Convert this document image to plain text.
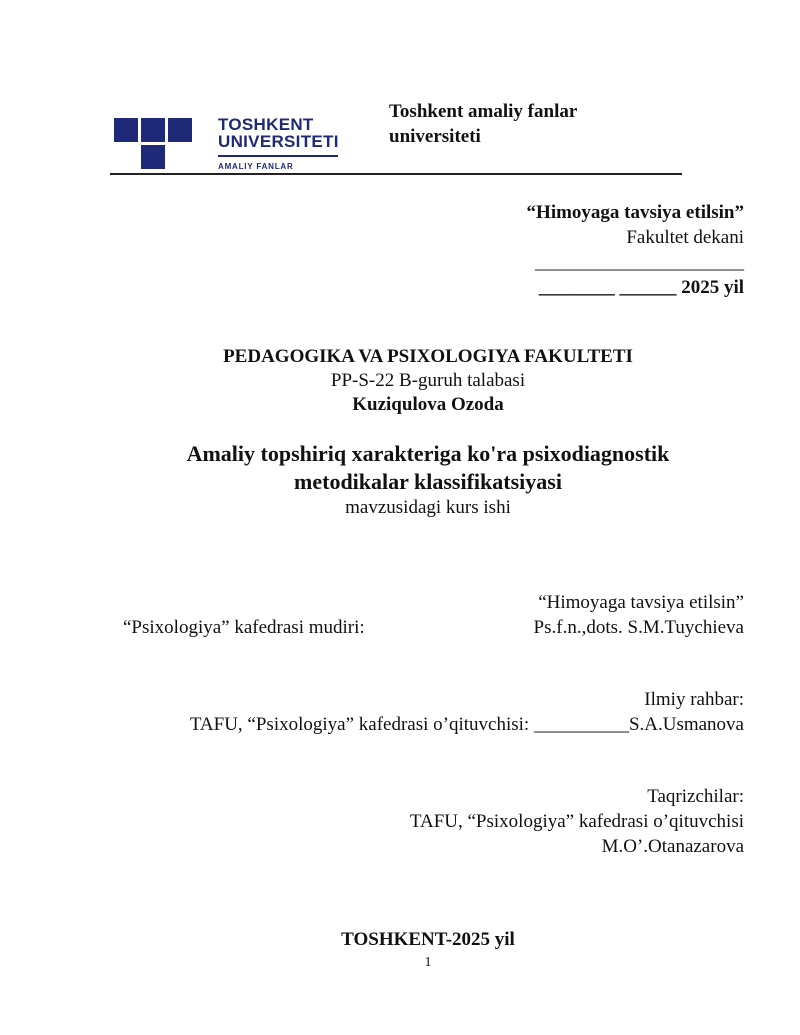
TOSHKENT
UNIVERSITETI
AMALIY FANLAR
Toshkent amaliy fanlar
universiteti
“Himoyaga tavsiya etilsin”
Fakultet dekani
______________________
________ ______ 2025 yil
PEDAGOGIKA VA PSIXOLOGIYA FAKULTETI
PP-S-22 B-guruh talabasi
Kuziqulova Ozoda
Amaliy topshiriq xarakteriga ko'ra psixodiagnostik
metodikalar klassifikatsiyasi
mavzusidagi kurs ishi
“Himoyaga tavsiya etilsin”
“Psixologiya” kafedrasi mudiri:	Ps.f.n.,dots. S.M.Tuychieva
Ilmiy rahbar:
TAFU, “Psixologiya” kafedrasi o’qituvchisi: __________S.A.Usmanova
Taqrizchilar:
TAFU, “Psixologiya” kafedrasi o’qituvchisi
M.O’.Otanazarova
TOSHKENT-2025 yil
1
